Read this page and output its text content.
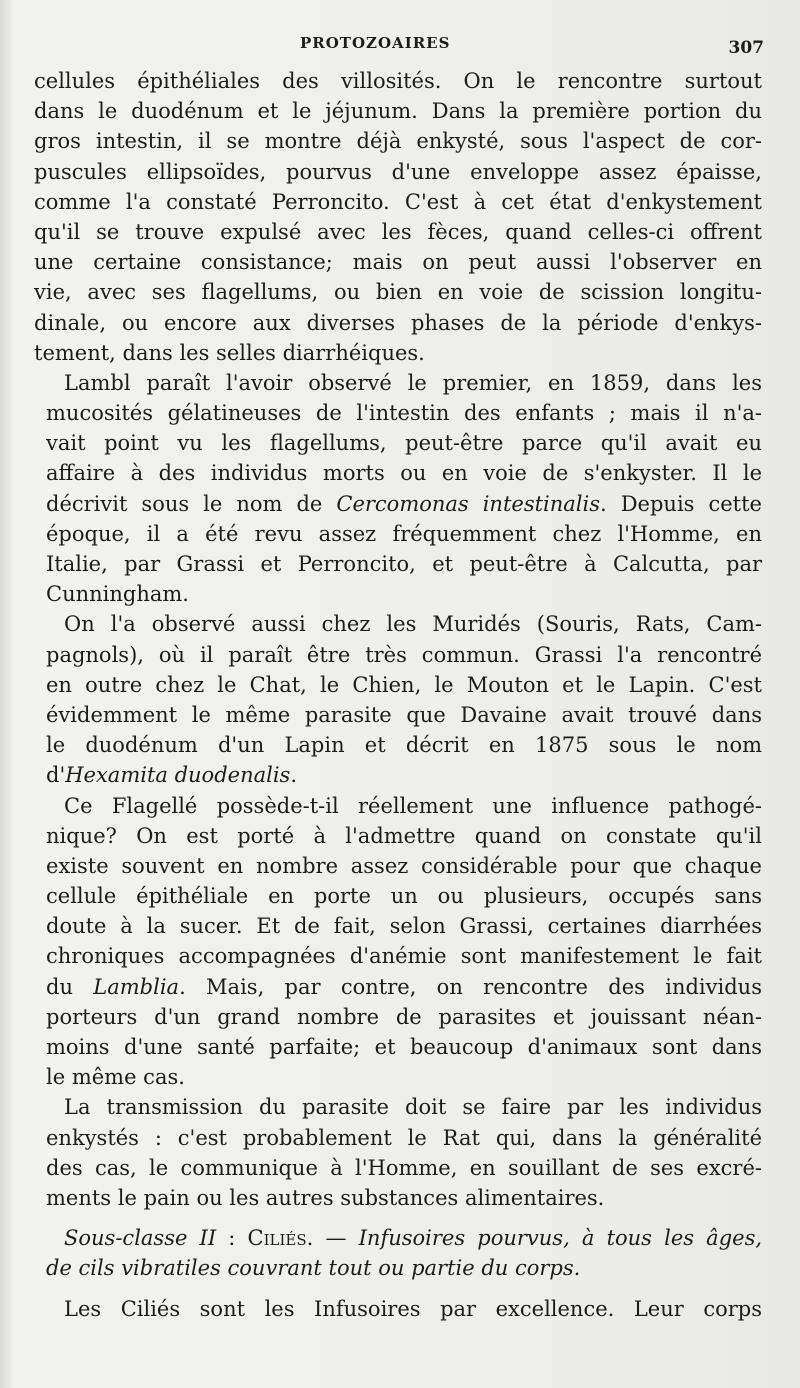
PROTOZOAIRES	307
cellules épithéliales des villosités. On le rencontre surtout
dans le duodénum et le jéjunum. Dans la première portion du
gros intestin, il se montre déjà enkysté, sous l'aspect de cor-
puscules ellipsoïdes, pourvus d'une enveloppe assez épaisse,
comme l'a constaté Perroncito. C'est à cet état d'enkystement
qu'il se trouve expulsé avec les fèces, quand celles-ci offrent
une certaine consistance; mais on peut aussi l'observer en
vie, avec ses flagellums, ou bien en voie de scission longitu-
dinale, ou encore aux diverses phases de la période d'enkys-
tement, dans les selles diarrhéiques.
Lambl paraît l'avoir observé le premier, en 1859, dans les
mucosités gélatineuses de l'intestin des enfants ; mais il n'a-
vait point vu les flagellums, peut-être parce qu'il avait eu
affaire à des individus morts ou en voie de s'enkyster. Il le
décrivit sous le nom de Cercomonas intestinalis. Depuis cette
époque, il a été revu assez fréquemment chez l'Homme, en
Italie, par Grassi et Perroncito, et peut-être à Calcutta, par
Cunningham.
On l'a observé aussi chez les Muridés (Souris, Rats, Cam-
pagnols), où il paraît être très commun. Grassi l'a rencontré
en outre chez le Chat, le Chien, le Mouton et le Lapin. C'est
évidemment le même parasite que Davaine avait trouvé dans
le duodénum d'un Lapin et décrit en 1875 sous le nom
d'Hexamita duodenalis.
Ce Flagellé possède-t-il réellement une influence pathogé-
nique? On est porté à l'admettre quand on constate qu'il
existe souvent en nombre assez considérable pour que chaque
cellule épithéliale en porte un ou plusieurs, occupés sans
doute à la sucer. Et de fait, selon Grassi, certaines diarrhées
chroniques accompagnées d'anémie sont manifestement le fait
du Lamblia. Mais, par contre, on rencontre des individus
porteurs d'un grand nombre de parasites et jouissant néan-
moins d'une santé parfaite; et beaucoup d'animaux sont dans
le même cas.
La transmission du parasite doit se faire par les individus
enkystés : c'est probablement le Rat qui, dans la généralité
des cas, le communique à l'Homme, en souillant de ses excré-
ments le pain ou les autres substances alimentaires.
Sous-classe II : Ciliés. — Infusoires pourvus, à tous les âges,
de cils vibratiles couvrant tout ou partie du corps.
Les Ciliés sont les Infusoires par excellence. Leur corps
